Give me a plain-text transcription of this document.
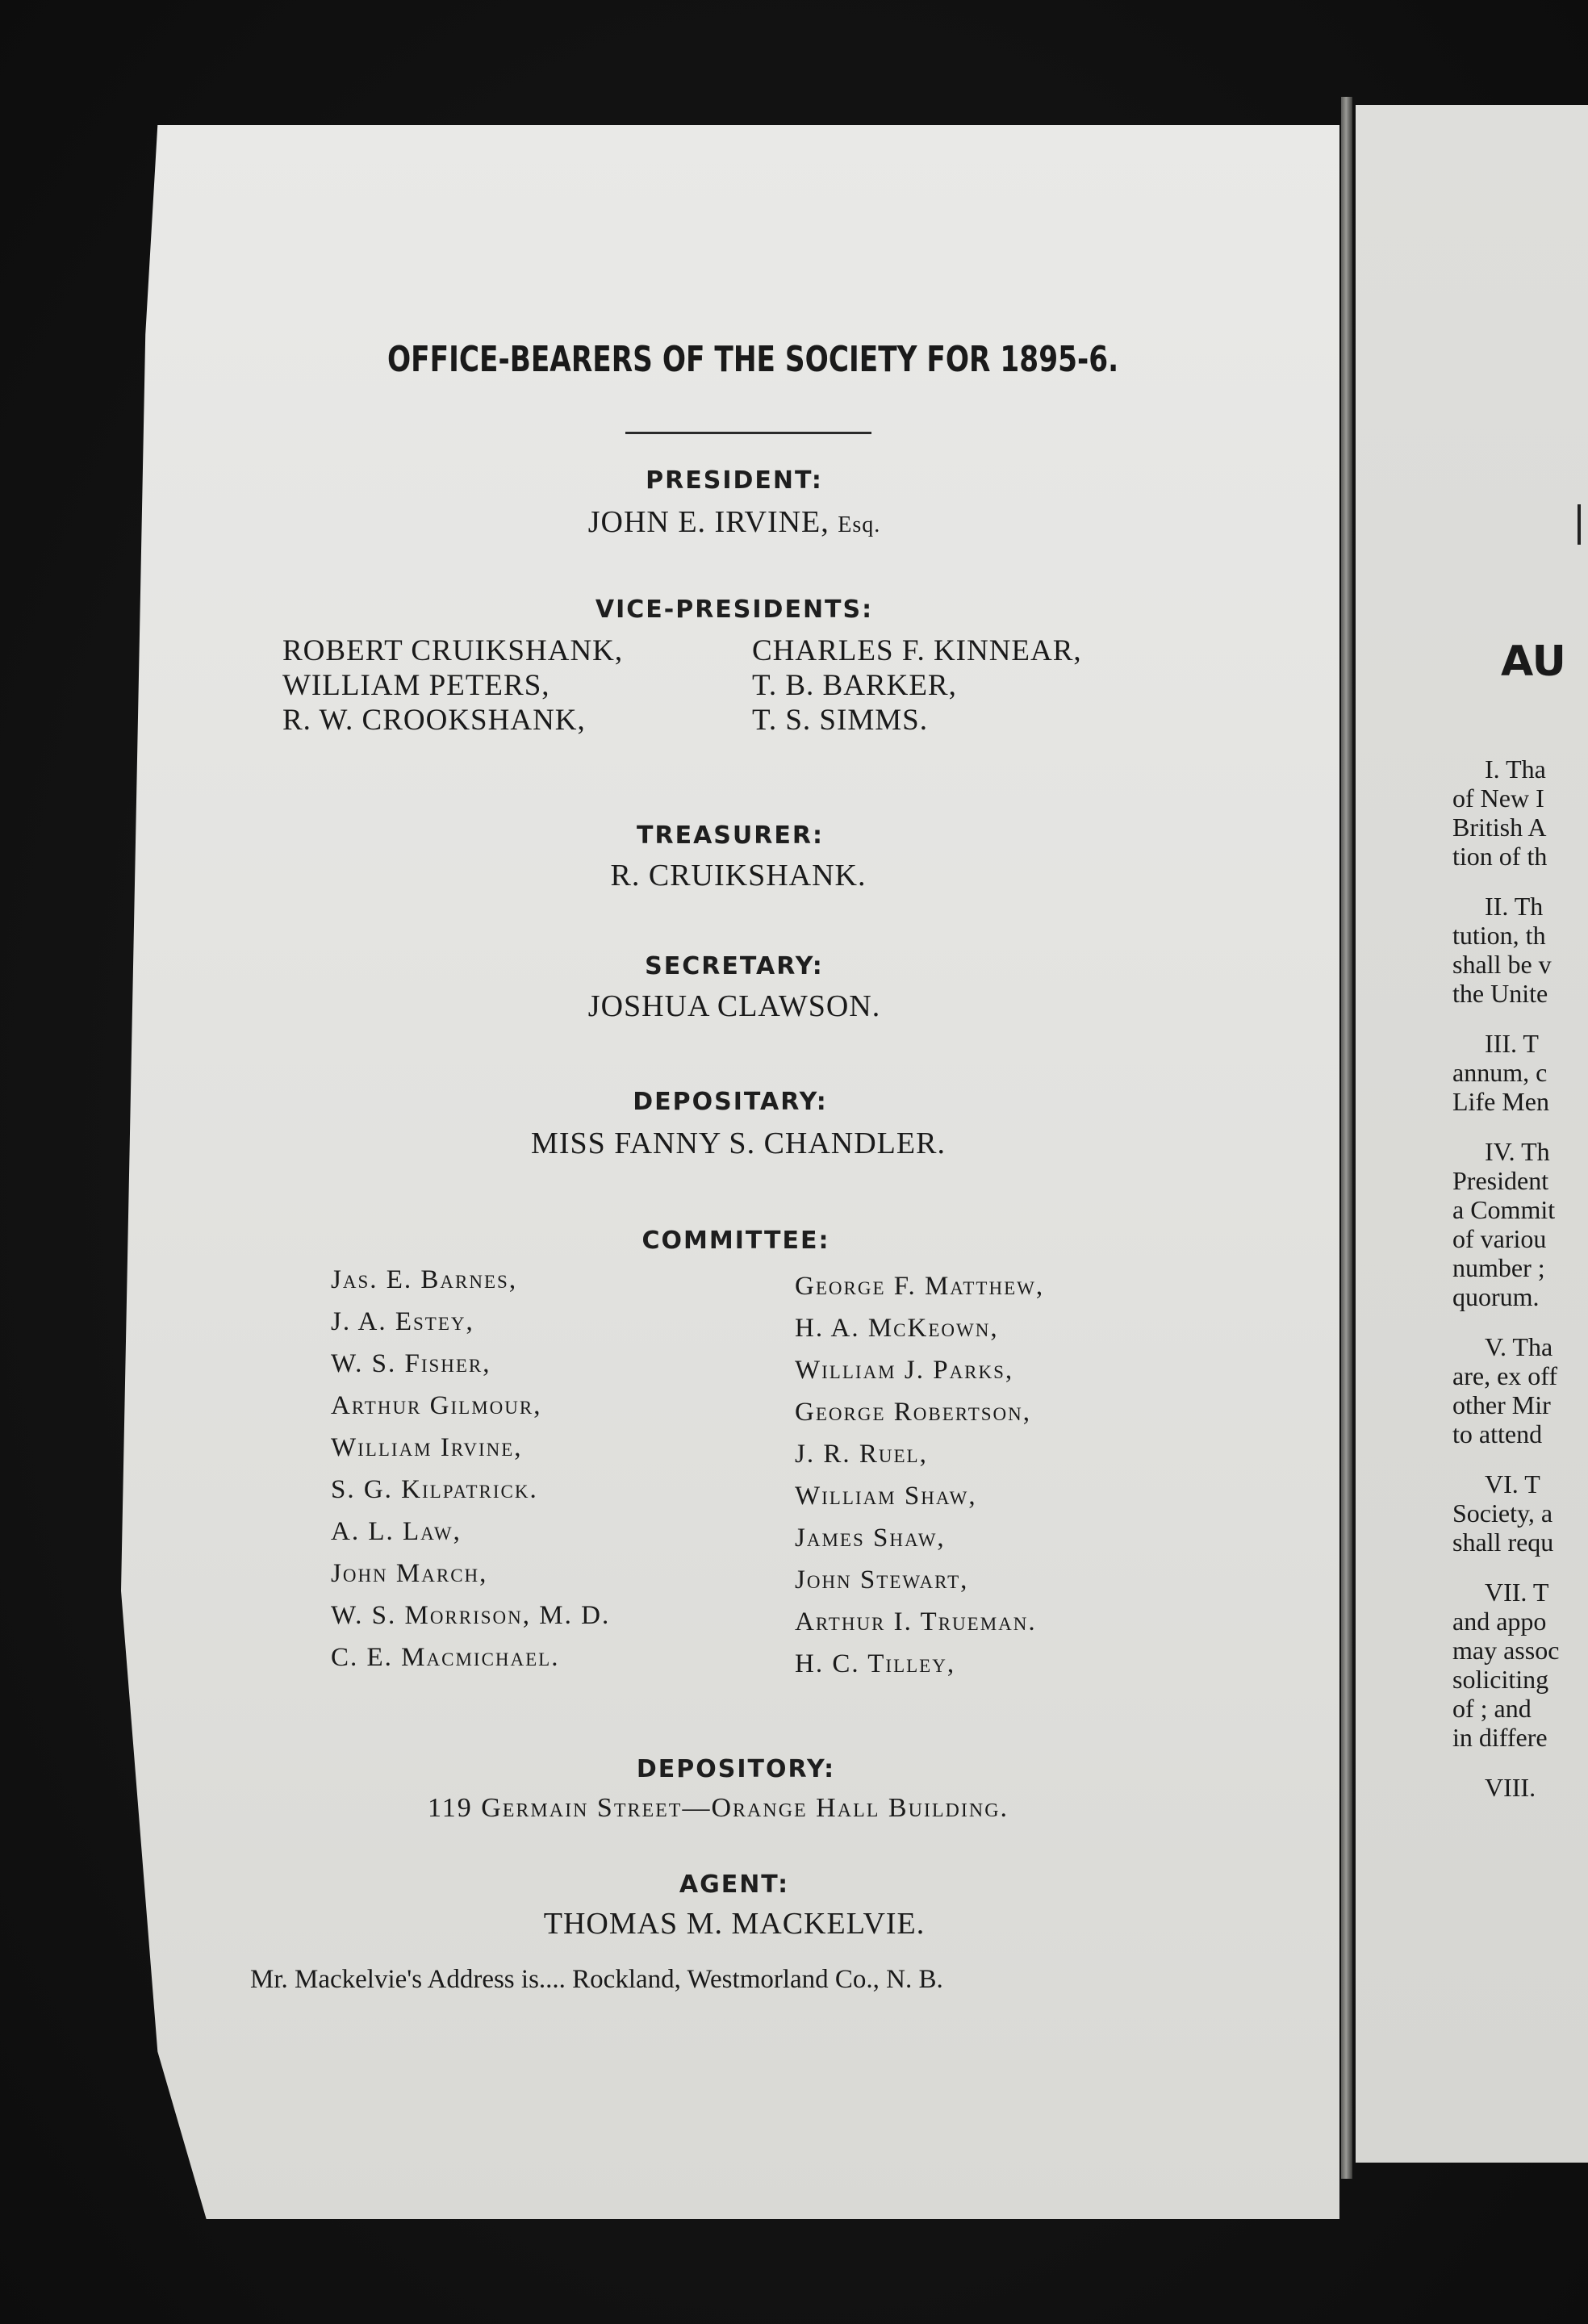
OFFICE-BEARERS OF THE SOCIETY FOR 1895-6.
PRESIDENT:
JOHN E. IRVINE, Esq.
VICE-PRESIDENTS:
ROBERT CRUIKSHANK,
WILLIAM PETERS,
R. W. CROOKSHANK,
CHARLES F. KINNEAR,
T. B. BARKER,
T. S. SIMMS.
TREASURER:
R. CRUIKSHANK.
SECRETARY:
JOSHUA CLAWSON.
DEPOSITARY:
MISS FANNY S. CHANDLER.
COMMITTEE:
Jas. E. Barnes,
J. A. Estey,
W. S. Fisher,
Arthur Gilmour,
William Irvine,
S. G. Kilpatrick.
A. L. Law,
John March,
W. S. Morrison, M. D.
C. E. Macmichael.
George F. Matthew,
H. A. McKeown,
William J. Parks,
George Robertson,
J. R. Ruel,
William Shaw,
James Shaw,
John Stewart,
Arthur I. Trueman.
H. C. Tilley,
DEPOSITORY:
119 Germain Street—Orange Hall Building.
AGENT:
THOMAS M. MACKELVIE.
Mr. Mackelvie's Address is.... Rockland, Westmorland Co., N. B.
AU
I. Tha
of New I
British A
tion of th
II. Th
tution, th
shall be v
the Unite
III. T
annum, c
Life Men
IV. Th
President
a Commit
of variou
number ;
quorum.
V. Tha
are, ex off
other Mir
to attend
VI. T
Society, a
shall requ
VII. T
and appo
may assoc
soliciting
of ; and
in differe
VIII.
